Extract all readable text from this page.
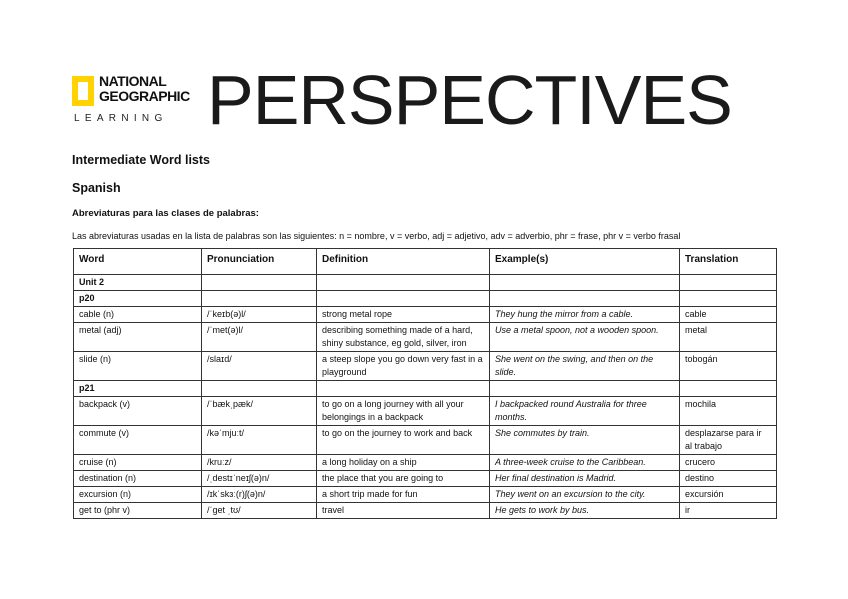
NATIONAL
GEOGRAPHIC
LEARNING PERSPECTIVES
Intermediate Word lists
Spanish
Abreviaturas para las clases de palabras:
Las abreviaturas usadas en la lista de palabras son las siguientes: n = nombre, v = verbo, adj = adjetivo, adv = adverbio, phr = frase, phr v = verbo frasal
Word	Pronunciation	Definition	Example(s)	Translation
Unit 2				
p20				
cable (n)	/ˈkeɪb(ə)l/	strong metal rope	They hung the mirror from a cable.	cable
metal (adj)	/ˈmet(ə)l/	describing something made of a hard, shiny substance, eg gold, silver, iron	Use a metal spoon, not a wooden spoon.	metal
slide (n)	/slaɪd/	a steep slope you go down very fast in a playground	She went on the swing, and then on the slide.	tobogán
p21				
backpack (v)	/ˈbækˌpæk/	to go on a long journey with all your belongings in a backpack	I backpacked round Australia for three months.	mochila
commute (v)	/kəˈmjuːt/	to go on the journey to work and back	She commutes by train.	desplazarse para ir al trabajo
cruise (n)	/kruːz/	a long holiday on a ship	A three-week cruise to the Caribbean.	crucero
destination (n)	/ˌdestɪˈneɪʃ(ə)n/	the place that you are going to	Her final destination is Madrid.	destino
excursion (n)	/ɪkˈskɜː(r)ʃ(ə)n/	a short trip made for fun	They went on an excursion to the city.	excursión
get to (phr v)	/ˈget ˌtʊ/	travel	He gets to work by bus.	ir
